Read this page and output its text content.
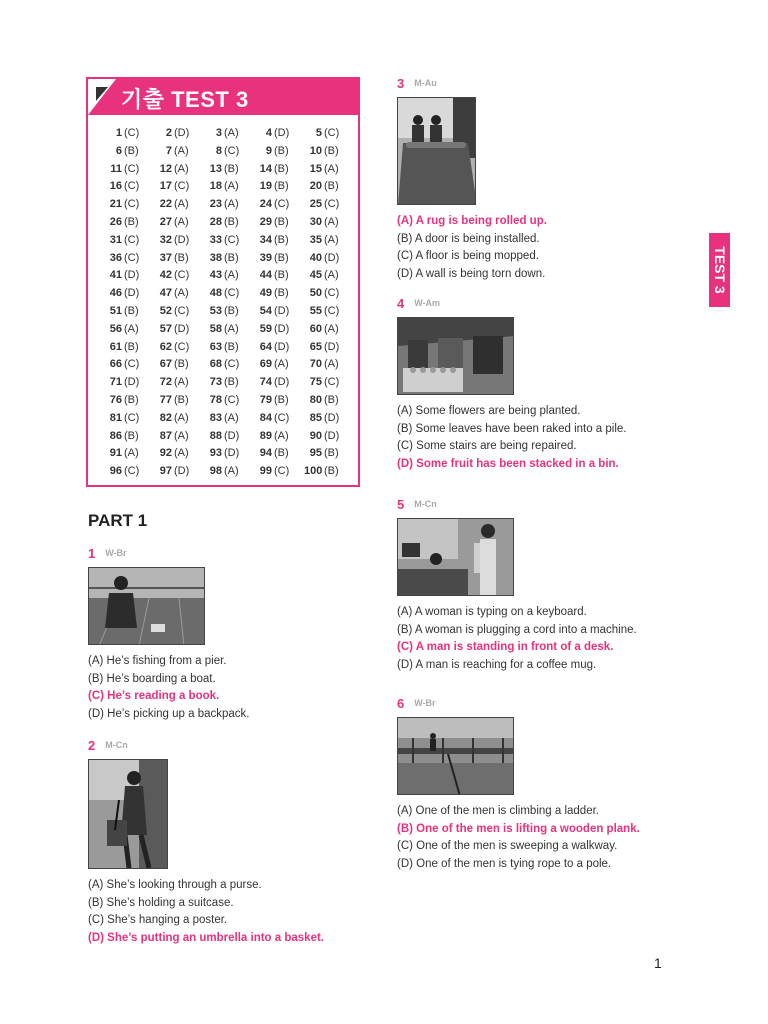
기출 TEST 3
1 (C)	2 (D)	3 (A)	4 (D)	5 (C)
6 (B)	7 (A)	8 (C)	9 (B)	10 (B)
11 (C)	12 (A)	13 (B)	14 (B)	15 (A)
16 (C)	17 (C)	18 (A)	19 (B)	20 (B)
21 (C)	22 (A)	23 (A)	24 (C)	25 (C)
26 (B)	27 (A)	28 (B)	29 (B)	30 (A)
31 (C)	32 (D)	33 (C)	34 (B)	35 (A)
36 (C)	37 (B)	38 (B)	39 (B)	40 (D)
41 (D)	42 (C)	43 (A)	44 (B)	45 (A)
46 (D)	47 (A)	48 (C)	49 (B)	50 (C)
51 (B)	52 (C)	53 (B)	54 (D)	55 (C)
56 (A)	57 (D)	58 (A)	59 (D)	60 (A)
61 (B)	62 (C)	63 (B)	64 (D)	65 (D)
66 (C)	67 (B)	68 (C)	69 (A)	70 (A)
71 (D)	72 (A)	73 (B)	74 (D)	75 (C)
76 (B)	77 (B)	78 (C)	79 (B)	80 (B)
81 (C)	82 (A)	83 (A)	84 (C)	85 (D)
86 (B)	87 (A)	88 (D)	89 (A)	90 (D)
91 (A)	92 (A)	93 (D)	94 (B)	95 (B)
96 (C)	97 (D)	98 (A)	99 (C)	100 (B)
PART 1
1 W-Br
(A) He’s fishing from a pier.
(B) He’s boarding a boat.
(C) He’s reading a book.
(D) He’s picking up a backpack.
2 M-Cn
(A) She’s looking through a purse.
(B) She’s holding a suitcase.
(C) She’s hanging a poster.
(D) She’s putting an umbrella into a basket.
3 M-Au
(A) A rug is being rolled up.
(B) A door is being installed.
(C) A floor is being mopped.
(D) A wall is being torn down.
4 W-Am
(A) Some flowers are being planted.
(B) Some leaves have been raked into a pile.
(C) Some stairs are being repaired.
(D) Some fruit has been stacked in a bin.
5 M-Cn
(A) A woman is typing on a keyboard.
(B) A woman is plugging a cord into a machine.
(C) A man is standing in front of a desk.
(D) A man is reaching for a coffee mug.
6 W-Br
(A) One of the men is climbing a ladder.
(B) One of the men is lifting a wooden plank.
(C) One of the men is sweeping a walkway.
(D) One of the men is tying rope to a pole.
TEST 3
1
